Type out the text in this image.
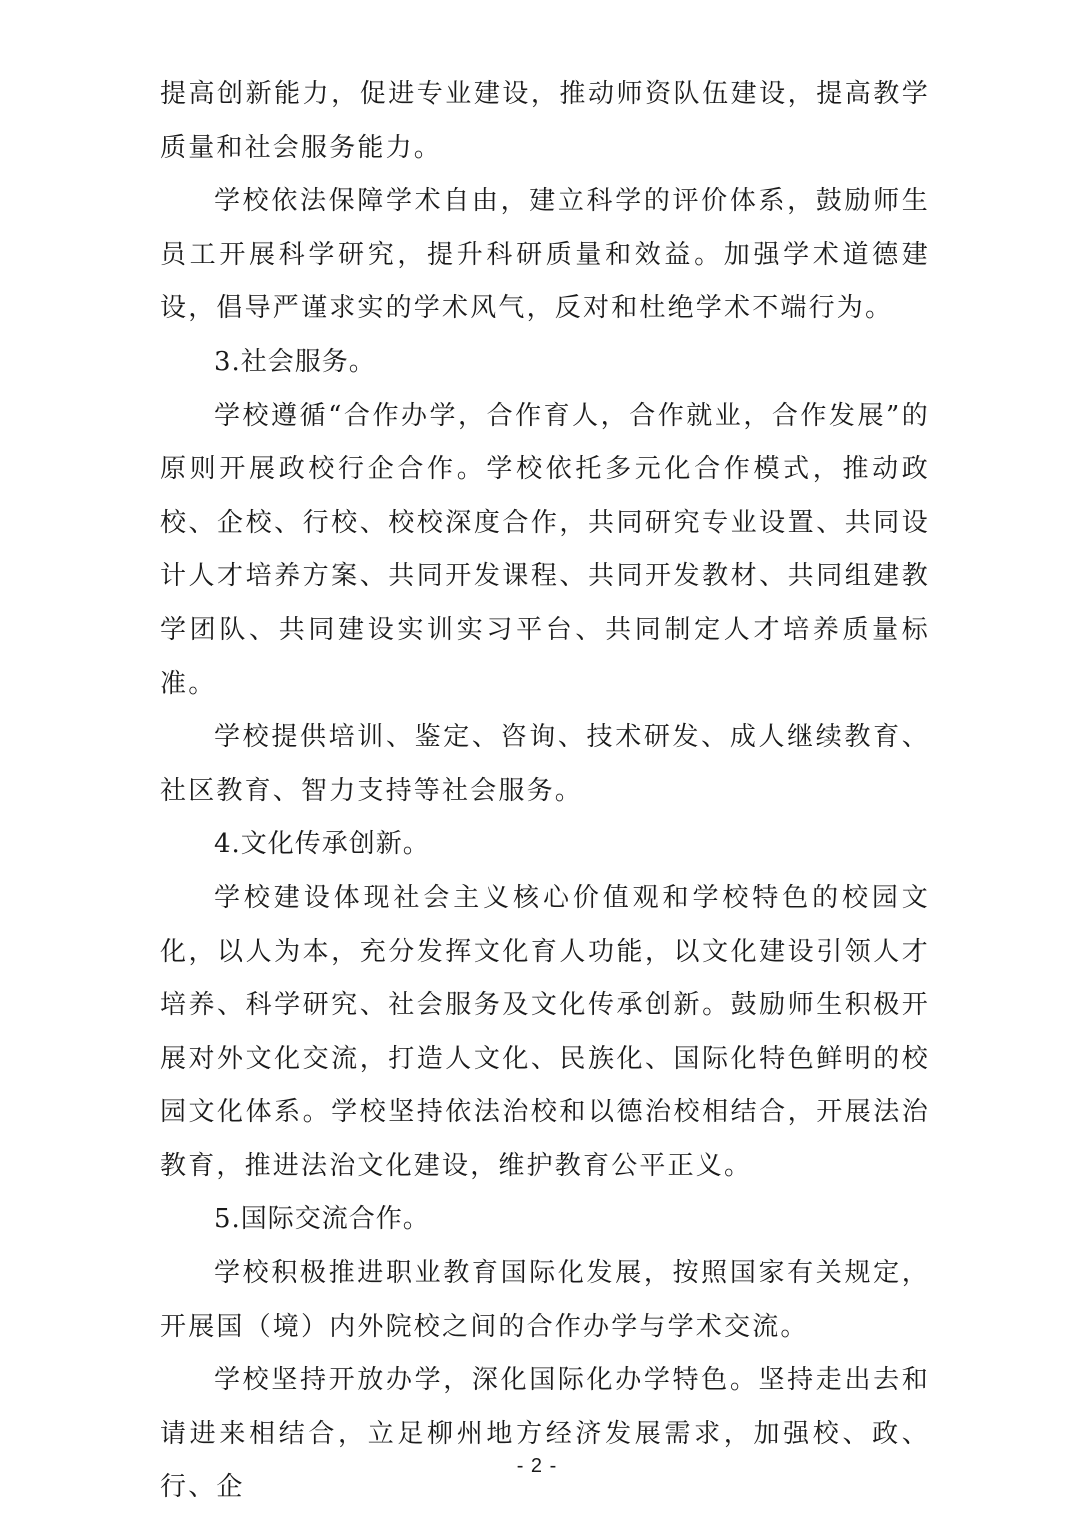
提高创新能力，促进专业建设，推动师资队伍建设，提高教学质量和社会服务能力。

学校依法保障学术自由，建立科学的评价体系，鼓励师生员工开展科学研究，提升科研质量和效益。加强学术道德建设，倡导严谨求实的学术风气，反对和杜绝学术不端行为。

3.社会服务。

学校遵循“合作办学，合作育人，合作就业，合作发展”的原则开展政校行企合作。学校依托多元化合作模式，推动政校、企校、行校、校校深度合作，共同研究专业设置、共同设计人才培养方案、共同开发课程、共同开发教材、共同组建教学团队、共同建设实训实习平台、共同制定人才培养质量标准。

学校提供培训、鉴定、咨询、技术研发、成人继续教育、社区教育、智力支持等社会服务。

4.文化传承创新。

学校建设体现社会主义核心价值观和学校特色的校园文化，以人为本，充分发挥文化育人功能，以文化建设引领人才培养、科学研究、社会服务及文化传承创新。鼓励师生积极开展对外文化交流，打造人文化、民族化、国际化特色鲜明的校园文化体系。学校坚持依法治校和以德治校相结合，开展法治教育，推进法治文化建设，维护教育公平正义。

5.国际交流合作。

学校积极推进职业教育国际化发展，按照国家有关规定，开展国（境）内外院校之间的合作办学与学术交流。

学校坚持开放办学，深化国际化办学特色。坚持走出去和请进来相结合，立足柳州地方经济发展需求，加强校、政、行、企

- 2 -
